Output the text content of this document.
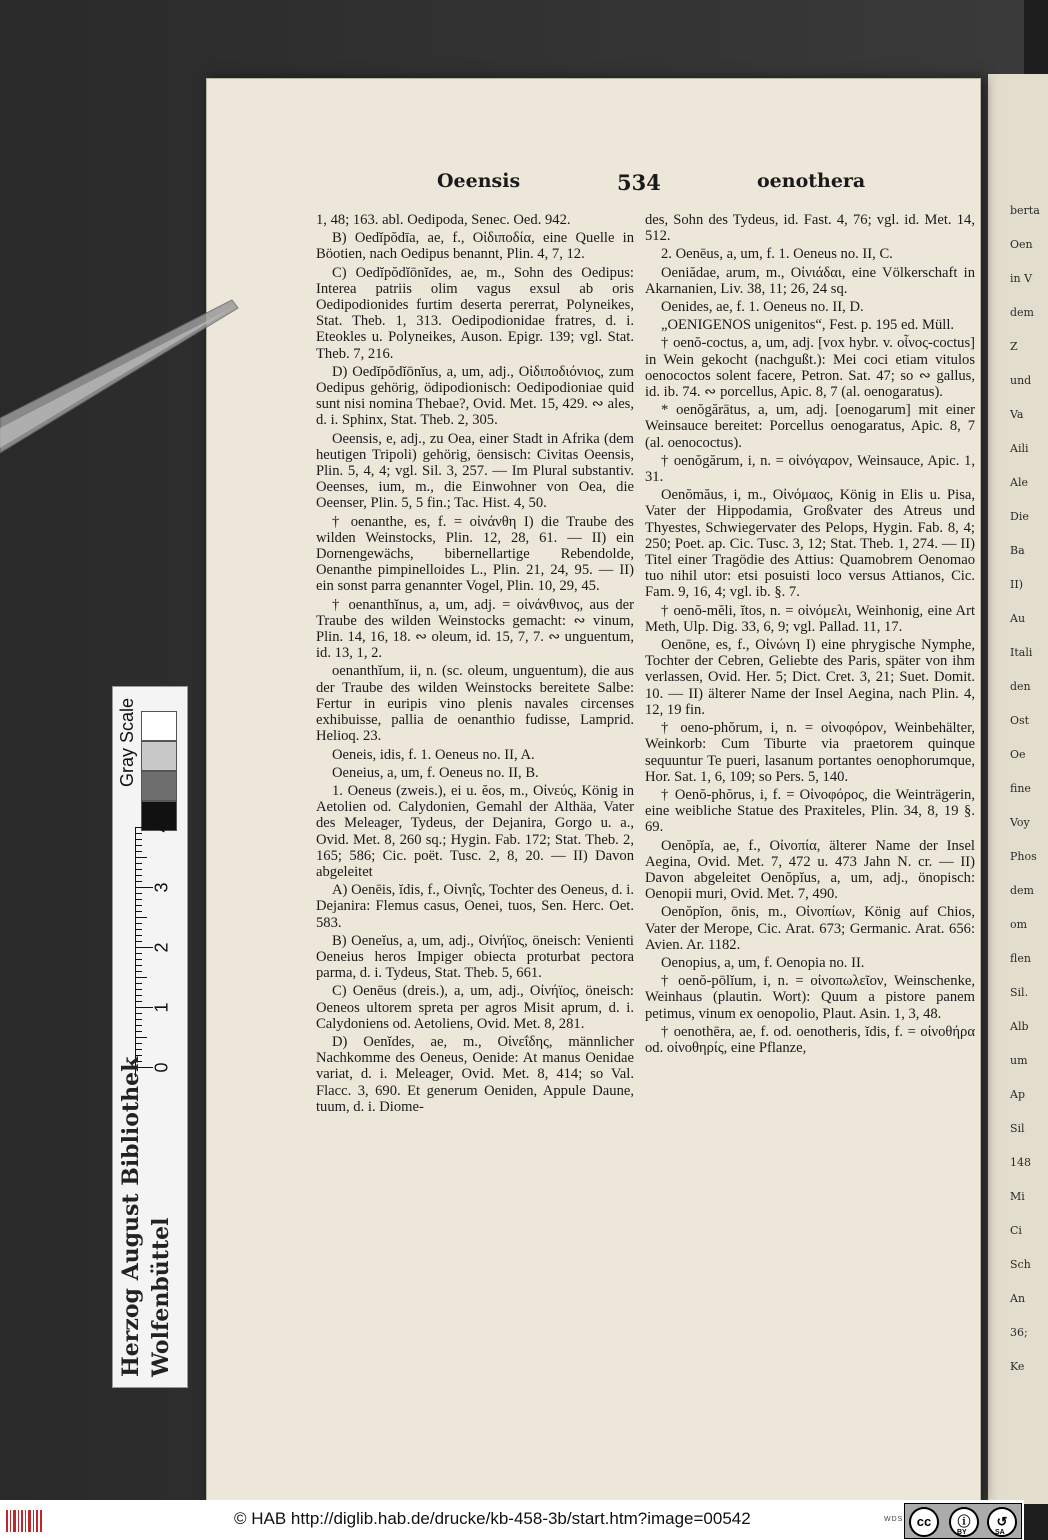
berta
Oen
in V
dem
Z
und
Va
Aili
Ale
Die
Ba
II)
Au
Itali
den
Ost
Oe
fine
Voy
Phos
dem
om
flen
Sil.
Alb
um
Ap
Sil
148
Mi
Ci
Sch
An
36;
Ke
Oeensis	534	oenothera

1, 48; 163. abl. Oedipoda, Senec. Oed. 942.

B) Oedĭpŏdīa, ae, f., Οἰδιποδία, eine Quelle in Böotien, nach Oedipus benannt, Plin. 4, 7, 12.

C) Oedĭpŏdĭōnĭdes, ae, m., Sohn des Oedipus: Interea patriis olim vagus exsul ab oris Oedipodionides furtim deserta pererrat, Polyneikes, Stat. Theb. 1, 313. Oedipodionidae fratres, d. i. Eteokles u. Polyneikes, Auson. Epigr. 139; vgl. Stat. Theb. 7, 216.

D) Oedĭpŏdĭōnĭus, a, um, adj., Οἰδιποδιόνιος, zum Oedipus gehörig, ödipodionisch: Oedipodioniae quid sunt nisi nomina Thebae?, Ovid. Met. 15, 429. ∾ ales, d. i. Sphinx, Stat. Theb. 2, 305.

Oeensis, e, adj., zu Oea, einer Stadt in Afrika (dem heutigen Tripoli) gehörig, öensisch: Civitas Oeensis, Plin. 5, 4, 4; vgl. Sil. 3, 257. — Im Plural substantiv. Oeenses, ium, m., die Einwohner von Oea, die Oeenser, Plin. 5, 5 fin.; Tac. Hist. 4, 50.

† oenanthe, es, f. = οἰνάνθη I) die Traube des wilden Weinstocks, Plin. 12, 28, 61. — II) ein Dornengewächs, bibernellartige Rebendolde, Oenanthe pimpinelloides L., Plin. 21, 24, 95. — II) ein sonst parra genannter Vogel, Plin. 10, 29, 45.

† oenanthĭnus, a, um, adj. = οἰνάνθινος, aus der Traube des wilden Weinstocks gemacht: ∾ vinum, Plin. 14, 16, 18. ∾ oleum, id. 15, 7, 7. ∾ unguentum, id. 13, 1, 2.

oenanthĭum, ii, n. (sc. oleum, unguentum), die aus der Traube des wilden Weinstocks bereitete Salbe: Fertur in euripis vino plenis navales circenses exhibuisse, pallia de oenanthio fudisse, Lamprid. Helioq. 23.

Oeneis, idis, f. 1. Oeneus no. II, A.

Oeneius, a, um, f. Oeneus no. II, B.

1. Oeneus (zweis.), ei u. ĕos, m., Οἰνεύς, König in Aetolien od. Calydonien, Gemahl der Althäa, Vater des Meleager, Tydeus, der Dejanira, Gorgo u. a., Ovid. Met. 8, 260 sq.; Hygin. Fab. 172; Stat. Theb. 2, 165; 586; Cic. poët. Tusc. 2, 8, 20. — II) Davon abgeleitet

A) Oenēis, ĭdis, f., Οἰνηΐς, Tochter des Oeneus, d. i. Dejanira: Flemus casus, Oenei, tuos, Sen. Herc. Oet. 583.

B) Oeneĭus, a, um, adj., Οἰνήϊος, öneisch: Venienti Oeneius heros Impiger obiecta proturbat pectora parma, d. i. Tydeus, Stat. Theb. 5, 661.

C) Oenēus (dreis.), a, um, adj., Οἰνήϊος, öneisch: Oeneos ultorem spreta per agros Misit aprum, d. i. Calydoniens od. Aetoliens, Ovid. Met. 8, 281.

D) Oenĭdes, ae, m., Οἰνεΐδης, männlicher Nachkomme des Oeneus, Oenide: At manus Oenidae variat, d. i. Meleager, Ovid. Met. 8, 414; so Val. Flacc. 3, 690. Et generum Oeniden, Appule Daune, tuum, d. i. Diome-

des, Sohn des Tydeus, id. Fast. 4, 76; vgl. id. Met. 14, 512.

2. Oenēus, a, um, f. 1. Oeneus no. II, C.

Oeniădae, arum, m., Οἰνιάδαι, eine Völkerschaft in Akarnanien, Liv. 38, 11; 26, 24 sq.

Oenides, ae, f. 1. Oeneus no. II, D.

„OENIGENOS unigenitos“, Fest. p. 195 ed. Müll.

† oenŏ-coctus, a, um, adj. [vox hybr. v. οἶνος-coctus] in Wein gekocht (nachgußt.): Mei coci etiam vitulos oenococtos solent facere, Petron. Sat. 47; so ∾ gallus, id. ib. 74. ∾ porcellus, Apic. 8, 7 (al. oenogaratus).

* oenŏgărātus, a, um, adj. [oenogarum] mit einer Weinsauce bereitet: Porcellus oenogaratus, Apic. 8, 7 (al. oenococtus).

† oenŏgărum, i, n. = οἰνόγαρον, Weinsauce, Apic. 1, 31.

Oenŏmăus, i, m., Οἰνόμαος, König in Elis u. Pisa, Vater der Hippodamia, Großvater des Atreus und Thyestes, Schwiegervater des Pelops, Hygin. Fab. 8, 4; 250; Poet. ap. Cic. Tusc. 3, 12; Stat. Theb. 1, 274. — II) Titel einer Tragödie des Attius: Quamobrem Oenomao tuo nihil utor: etsi posuisti loco versus Attianos, Cic. Fam. 9, 16, 4; vgl. ib. §. 7.

† oenŏ-mĕli, ĭtos, n. = οἰνόμελι, Weinhonig, eine Art Meth, Ulp. Dig. 33, 6, 9; vgl. Pallad. 11, 17.

Oenōne, es, f., Οἰνώνη I) eine phrygische Nymphe, Tochter der Cebren, Geliebte des Paris, später von ihm verlassen, Ovid. Her. 5; Dict. Cret. 3, 21; Suet. Domit. 10. — II) älterer Name der Insel Aegina, nach Plin. 4, 12, 19 fin.

† oeno-phŏrum, i, n. = οἰνοφόρον, Weinbehälter, Weinkorb: Cum Tiburte via praetorem quinque sequuntur Te pueri, lasanum portantes oenophorumque, Hor. Sat. 1, 6, 109; so Pers. 5, 140.

† Oenŏ-phŏrus, i, f. = Οἰνοφόρος, die Weinträgerin, eine weibliche Statue des Praxiteles, Plin. 34, 8, 19 §. 69.

Oenŏpĭa, ae, f., Οἰνοπία, älterer Name der Insel Aegina, Ovid. Met. 7, 472 u. 473 Jahn N. cr. — II) Davon abgeleitet Oenŏpĭus, a, um, adj., önopisch: Oenopii muri, Ovid. Met. 7, 490.

Oenŏpĭon, ōnis, m., Οἰνοπίων, König auf Chios, Vater der Merope, Cic. Arat. 673; Germanic. Arat. 656: Avien. Ar. 1182.

Oenopius, a, um, f. Oenopia no. II.

† oenŏ-pōlĭum, i, n. = οἰνοπωλεῖον, Weinschenke, Weinhaus (plautin. Wort): Quum a pistore panem petimus, vinum ex oenopolio, Plaut. Asin. 1, 3, 48.

† oenothēra, ae, f. od. oenotheris, ĭdis, f. = οἰνοθήρα od. οἰνοθηρίς, eine Pflanze,

Gray Scale
0
1
2
3
4
Herzog August Bibliothek Wolfenbüttel
© HAB http://diglib.hab.de/drucke/kb-458-3b/start.htm?image=00542	WDS	cc	ⓘ	↺
BY	SA
